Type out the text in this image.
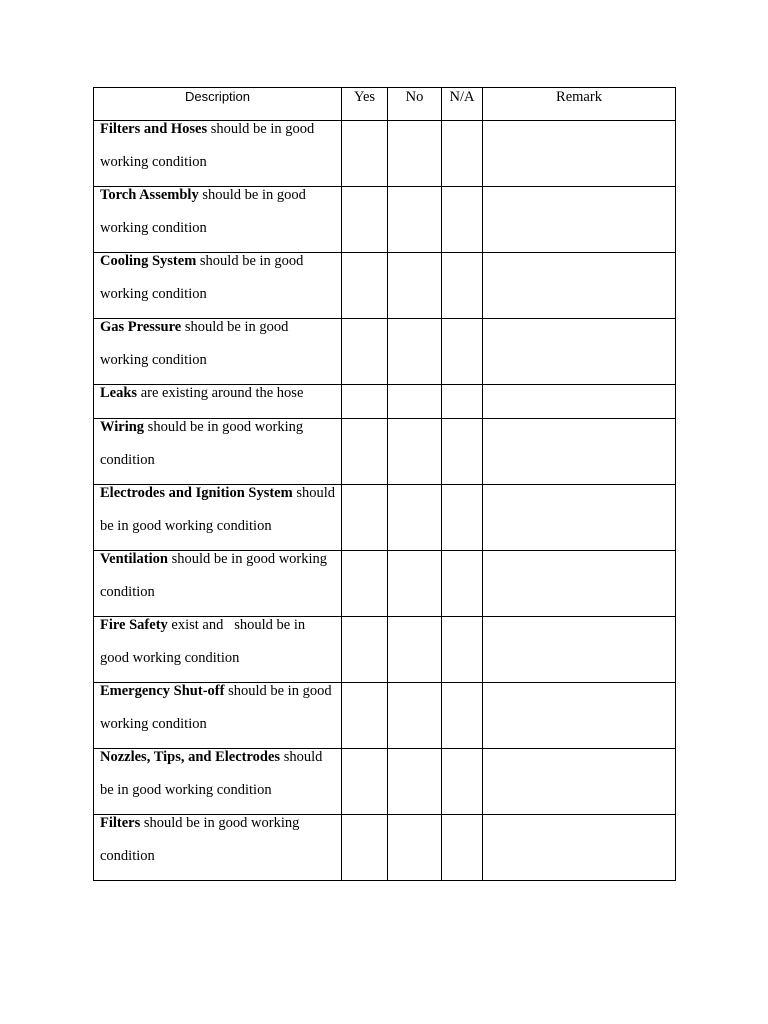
Description	Yes	No	N/A	Remark

Filters and Hoses should be in good working condition				

Torch Assembly should be in good working condition				

Cooling System should be in good working condition				

Gas Pressure should be in good working condition				

Leaks are existing around the hose				

Wiring should be in good working condition				

Electrodes and Ignition System should be in good working condition				

Ventilation should be in good working condition				

Fire Safety exist and   should be in good working condition				

Emergency Shut-off should be in good working condition				

Nozzles, Tips, and Electrodes should be in good working condition				

Filters should be in good working condition				
